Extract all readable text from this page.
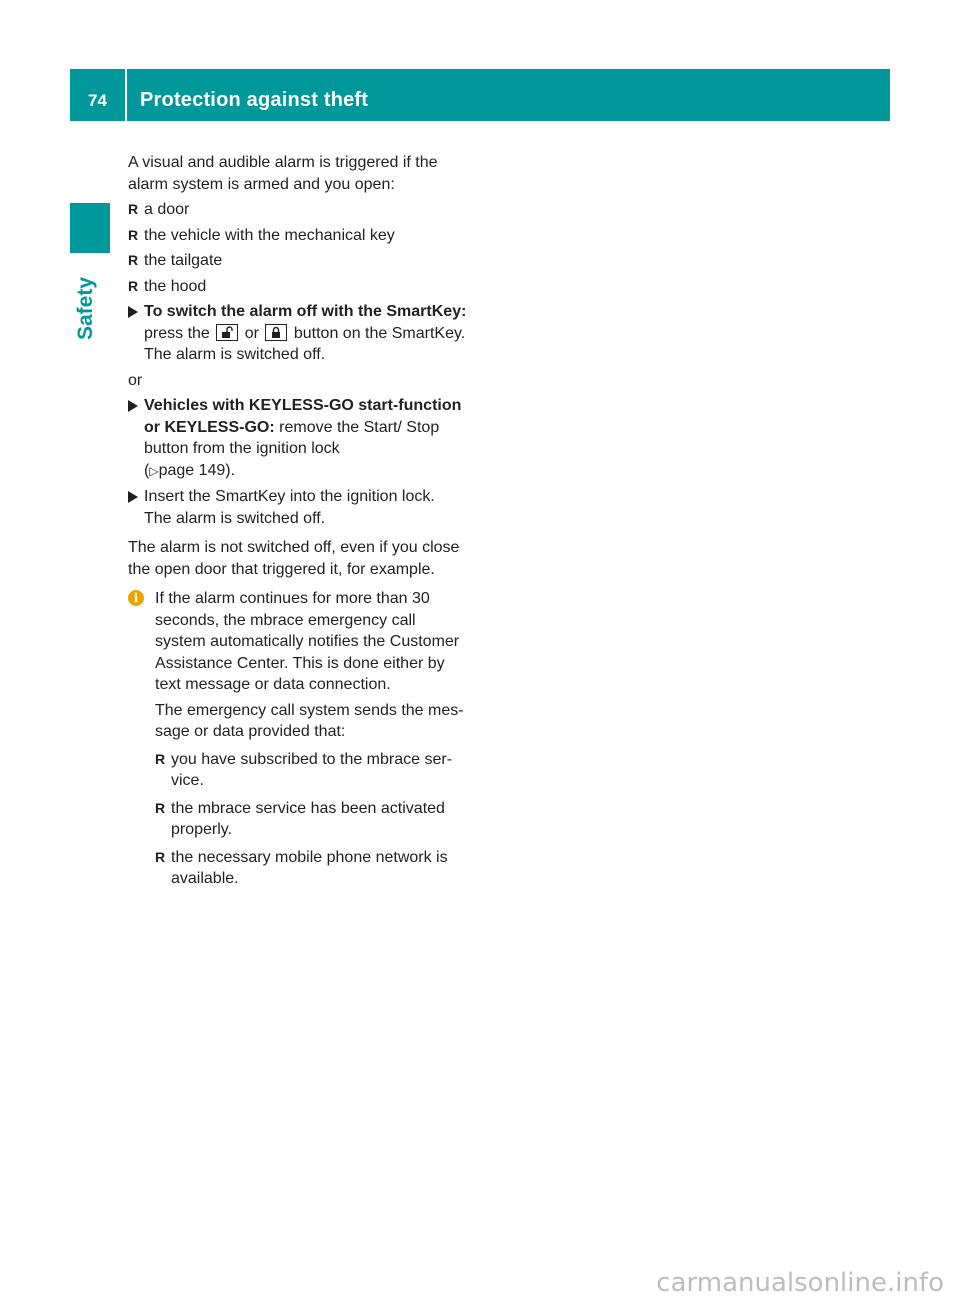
74	Protection against theft
Safety

A visual and audible alarm is triggered if the alarm system is armed and you open:

R a door

R the vehicle with the mechanical key

R the tailgate

R the hood

To switch the alarm off with the SmartKey: press the or button on the SmartKey.

The alarm is switched off.

or

Vehicles with KEYLESS-GO start-function or KEYLESS-GO: remove the Start/ Stop button from the ignition lock
(▷page 149).
Insert the SmartKey into the ignition lock.

The alarm is switched off.

The alarm is not switched off, even if you close the open door that triggered it, for example.

i	If the alarm continues for more than 30 seconds, the mbrace emergency call system automatically notifies the Customer Assistance Center. This is done either by text message or data connection.

The emergency call system sends the message or data provided that:

R you have subscribed to the mbrace service.

R the mbrace service has been activated properly.

R the necessary mobile phone network is available.

carmanualsonline.info
